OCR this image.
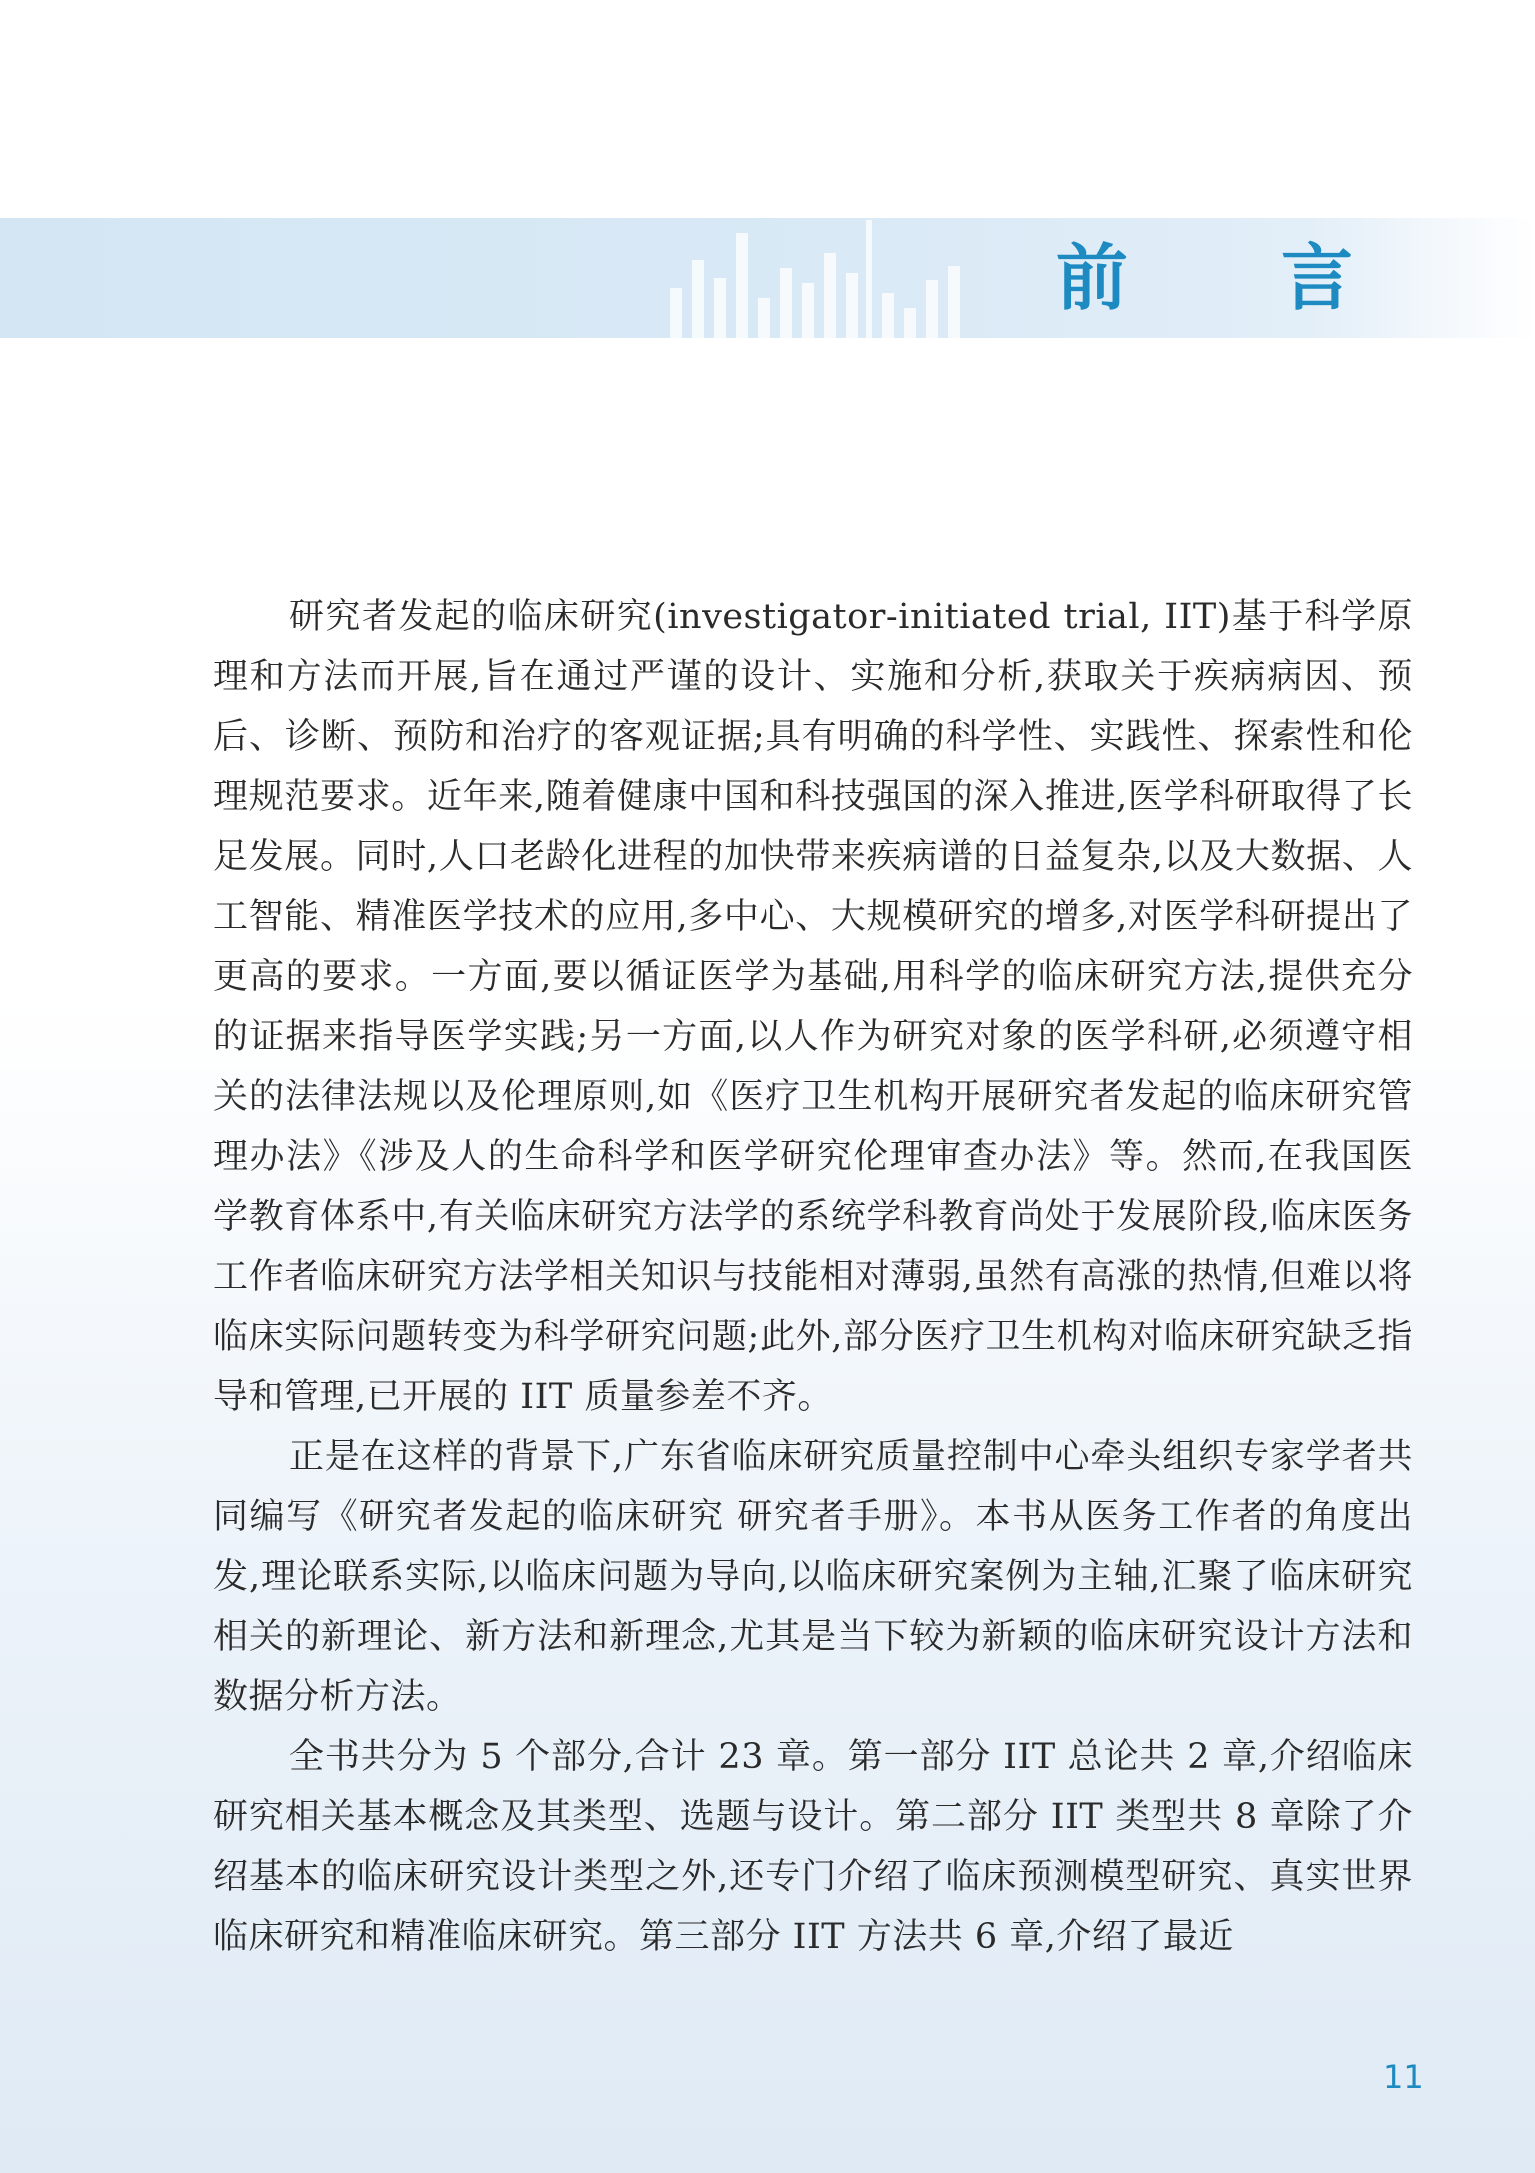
前 言

研究者发起的临床研究(investigator-initiated trial, IIT)基于科学原理和方法而开展,旨在通过严谨的设计、实施和分析,获取关于疾病病因、预后、诊断、预防和治疗的客观证据;具有明确的科学性、实践性、探索性和伦理规范要求。近年来,随着健康中国和科技强国的深入推进,医学科研取得了长足发展。同时,人口老龄化进程的加快带来疾病谱的日益复杂,以及大数据、人工智能、精准医学技术的应用,多中心、大规模研究的增多,对医学科研提出了更高的要求。一方面,要以循证医学为基础,用科学的临床研究方法,提供充分的证据来指导医学实践;另一方面,以人作为研究对象的医学科研,必须遵守相关的法律法规以及伦理原则,如《医疗卫生机构开展研究者发起的临床研究管理办法》《涉及人的生命科学和医学研究伦理审查办法》等。然而,在我国医学教育体系中,有关临床研究方法学的系统学科教育尚处于发展阶段,临床医务工作者临床研究方法学相关知识与技能相对薄弱,虽然有高涨的热情,但难以将临床实际问题转变为科学研究问题;此外,部分医疗卫生机构对临床研究缺乏指导和管理,已开展的 IIT 质量参差不齐。

正是在这样的背景下,广东省临床研究质量控制中心牵头组织专家学者共同编写《研究者发起的临床研究 研究者手册》。本书从医务工作者的角度出发,理论联系实际,以临床问题为导向,以临床研究案例为主轴,汇聚了临床研究相关的新理论、新方法和新理念,尤其是当下较为新颖的临床研究设计方法和数据分析方法。

全书共分为 5 个部分,合计 23 章。第一部分 IIT 总论共 2 章,介绍临床研究相关基本概念及其类型、选题与设计。第二部分 IIT 类型共 8 章除了介绍基本的临床研究设计类型之外,还专门介绍了临床预测模型研究、真实世界临床研究和精准临床研究。第三部分 IIT 方法共 6 章,介绍了最近

11
